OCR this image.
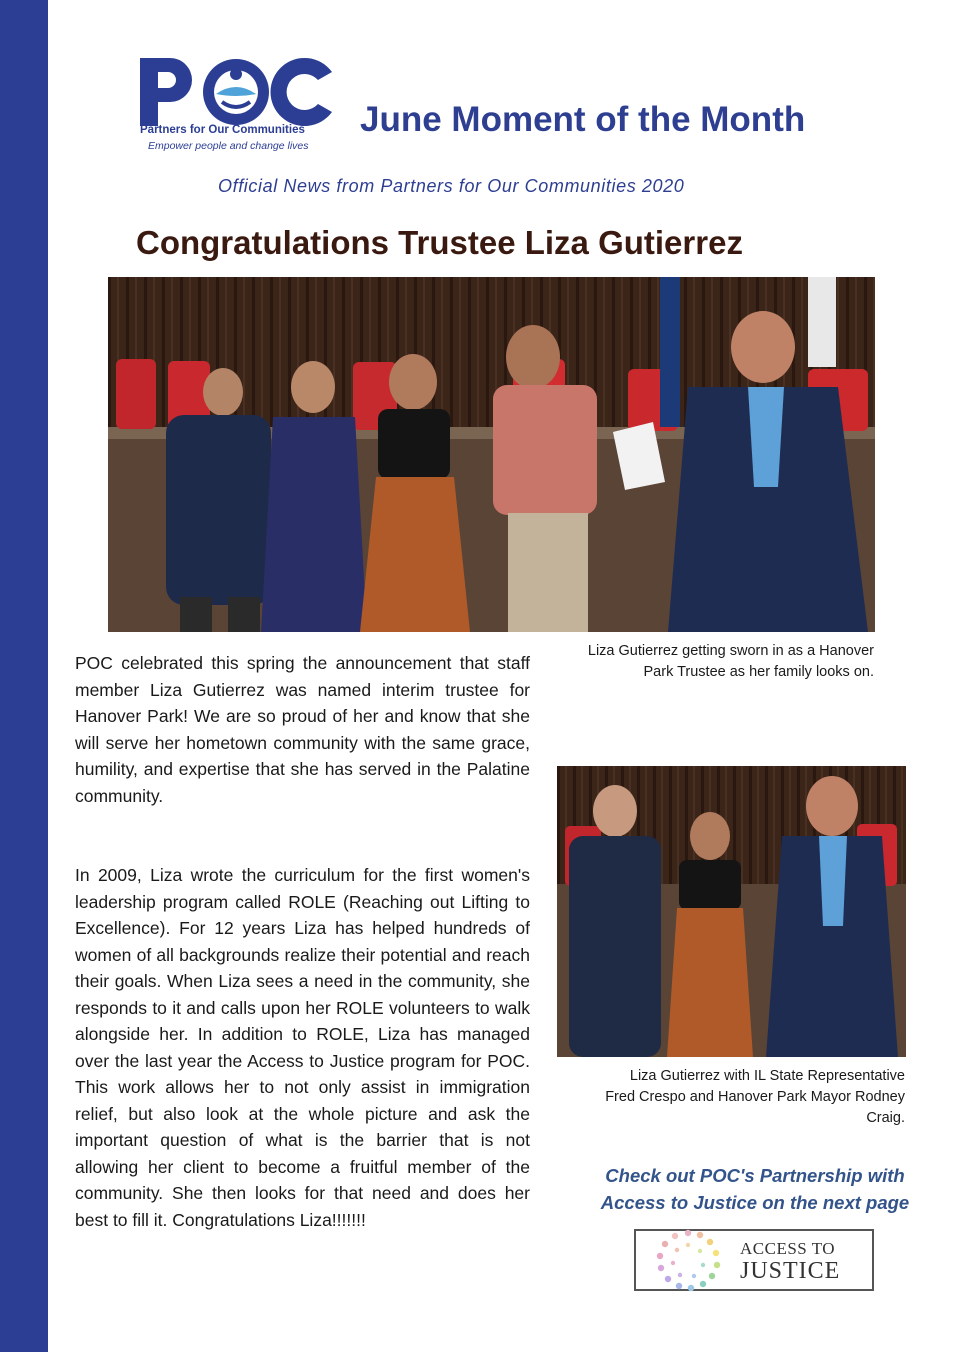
Partners for Our Communities
Empower people and change lives
June Moment of the Month
Official News from Partners for Our Communities 2020
Congratulations Trustee Liza Gutierrez
Liza Gutierrez getting sworn in as a Hanover Park Trustee as her family looks on.
POC celebrated this spring the announcement that staff member Liza Gutierrez was named interim trustee for Hanover Park! We are so proud of her and know that she will serve her hometown community with the same grace, humility, and expertise that she has served in the Palatine community.
In 2009, Liza wrote the curriculum for the first women's leadership program called ROLE (Reaching out Lifting to Excellence). For 12 years Liza has helped hundreds of women of all backgrounds realize their potential and reach their goals. When Liza sees a need in the community, she responds to it and calls upon her ROLE volunteers to walk alongside her. In addition to ROLE, Liza has managed over the last year the Access to Justice program for POC. This work allows her to not only assist in immigration relief, but also look at the whole picture and ask the important question of what is the barrier that is not allowing her client to become a fruitful member of the community. She then looks for that need and does her best to fill it. Congratulations Liza!!!!!!!
Liza Gutierrez with IL State Representative Fred Crespo and Hanover Park Mayor Rodney Craig.
Check out POC's Partnership with
Access to Justice on the next page
ACCESS TO
JUSTICE
